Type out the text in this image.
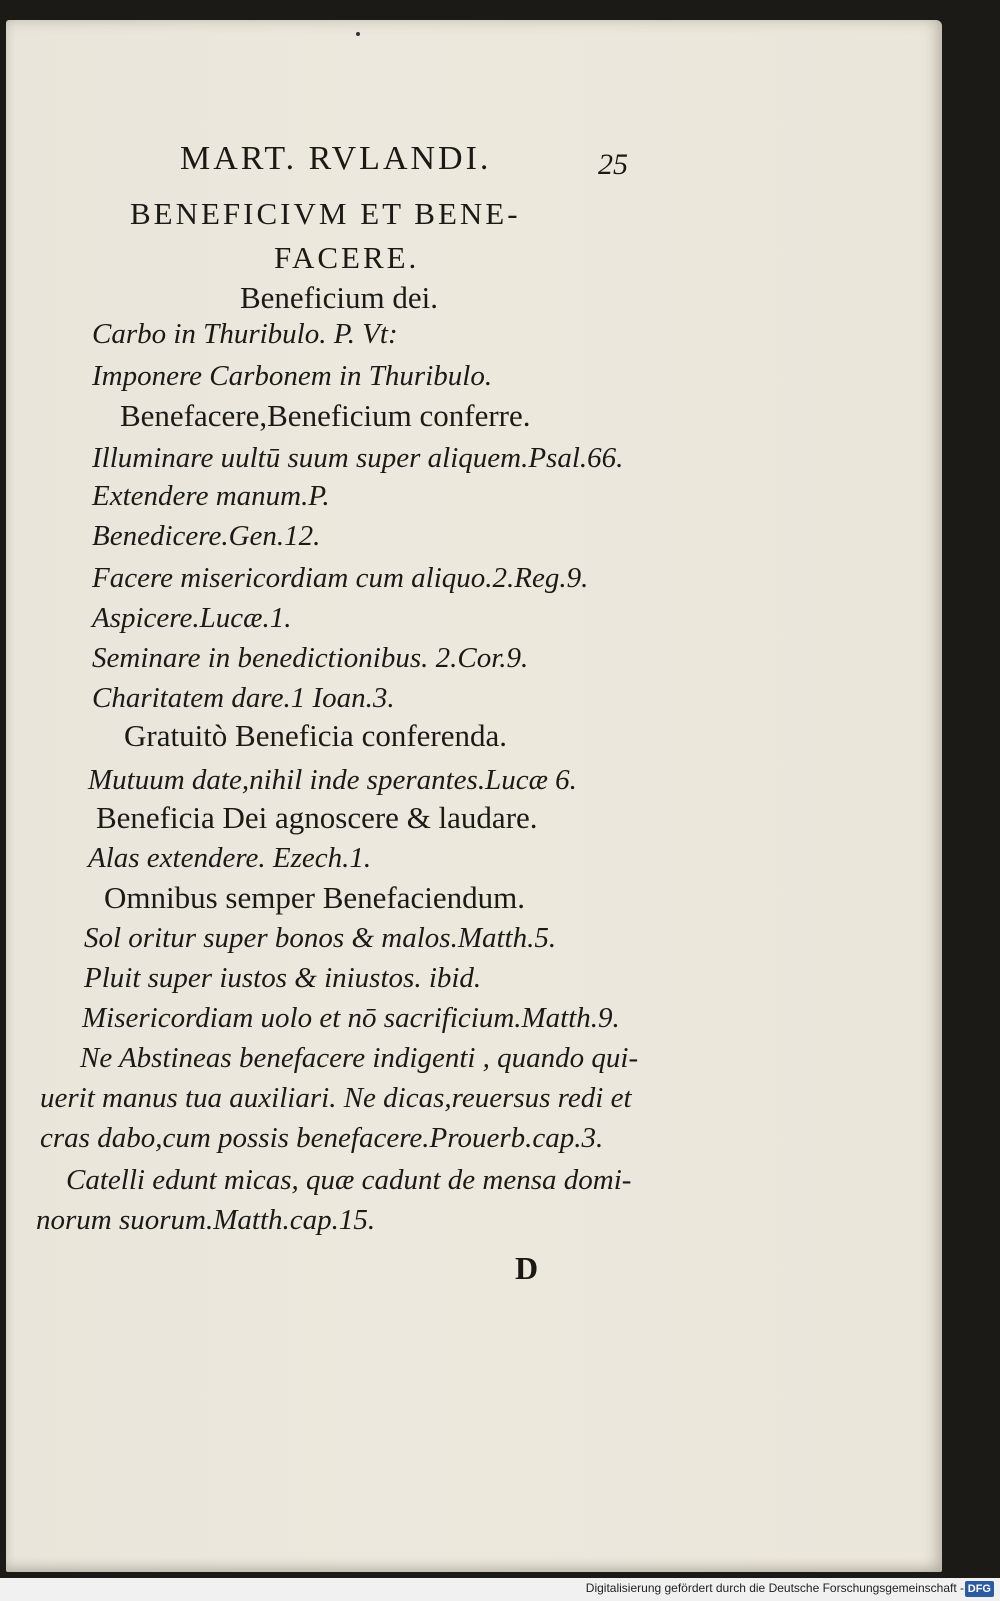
MART. RVLANDI.	25
BENEFICIVM ET BENE-
FACERE.
Beneficium dei.
Carbo in Thuribulo. P. Vt:
Imponere Carbonem in Thuribulo.
Benefacere,Beneficium conferre.
Illuminare uultū suum super aliquem.Psal.66.
Extendere manum.P.
Benedicere.Gen.12.
Facere misericordiam cum aliquo.2.Reg.9.
Aspicere.Lucæ.1.
Seminare in benedictionibus. 2.Cor.9.
Charitatem dare.1 Ioan.3.
Gratuitò Beneficia conferenda.
Mutuum date,nihil inde sperantes.Lucæ 6.
Beneficia Dei agnoscere & laudare.
Alas extendere. Ezech.1.
Omnibus semper Benefaciendum.
Sol oritur super bonos & malos.Matth.5.
Pluit super iustos & iniustos. ibid.
Misericordiam uolo et nō sacrificium.Matth.9.
Ne Abstineas benefacere indigenti , quando qui-
uerit manus tua auxiliari. Ne dicas,reuersus redi et
cras dabo,cum possis benefacere.Prouerb.cap.3.
Catelli edunt micas, quæ cadunt de mensa domi-
norum suorum.Matth.cap.15.
D
Digitalisierung gefördert durch die Deutsche Forschungsgemeinschaft - DFG
